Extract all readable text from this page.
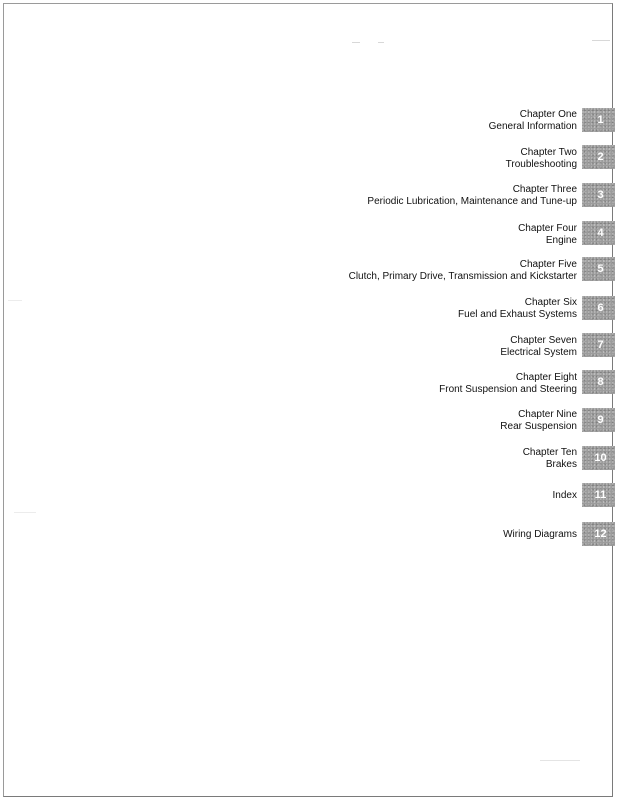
Chapter One
General Information
1
Chapter Two
Troubleshooting
2
Chapter Three
Periodic Lubrication, Maintenance and Tune-up
3
Chapter Four
Engine
4
Chapter Five
Clutch, Primary Drive, Transmission and Kickstarter
5
Chapter Six
Fuel and Exhaust Systems
6
Chapter Seven
Electrical System
7
Chapter Eight
Front Suspension and Steering
8
Chapter Nine
Rear Suspension
9
Chapter Ten
Brakes
10
Index	11
Wiring Diagrams	12
